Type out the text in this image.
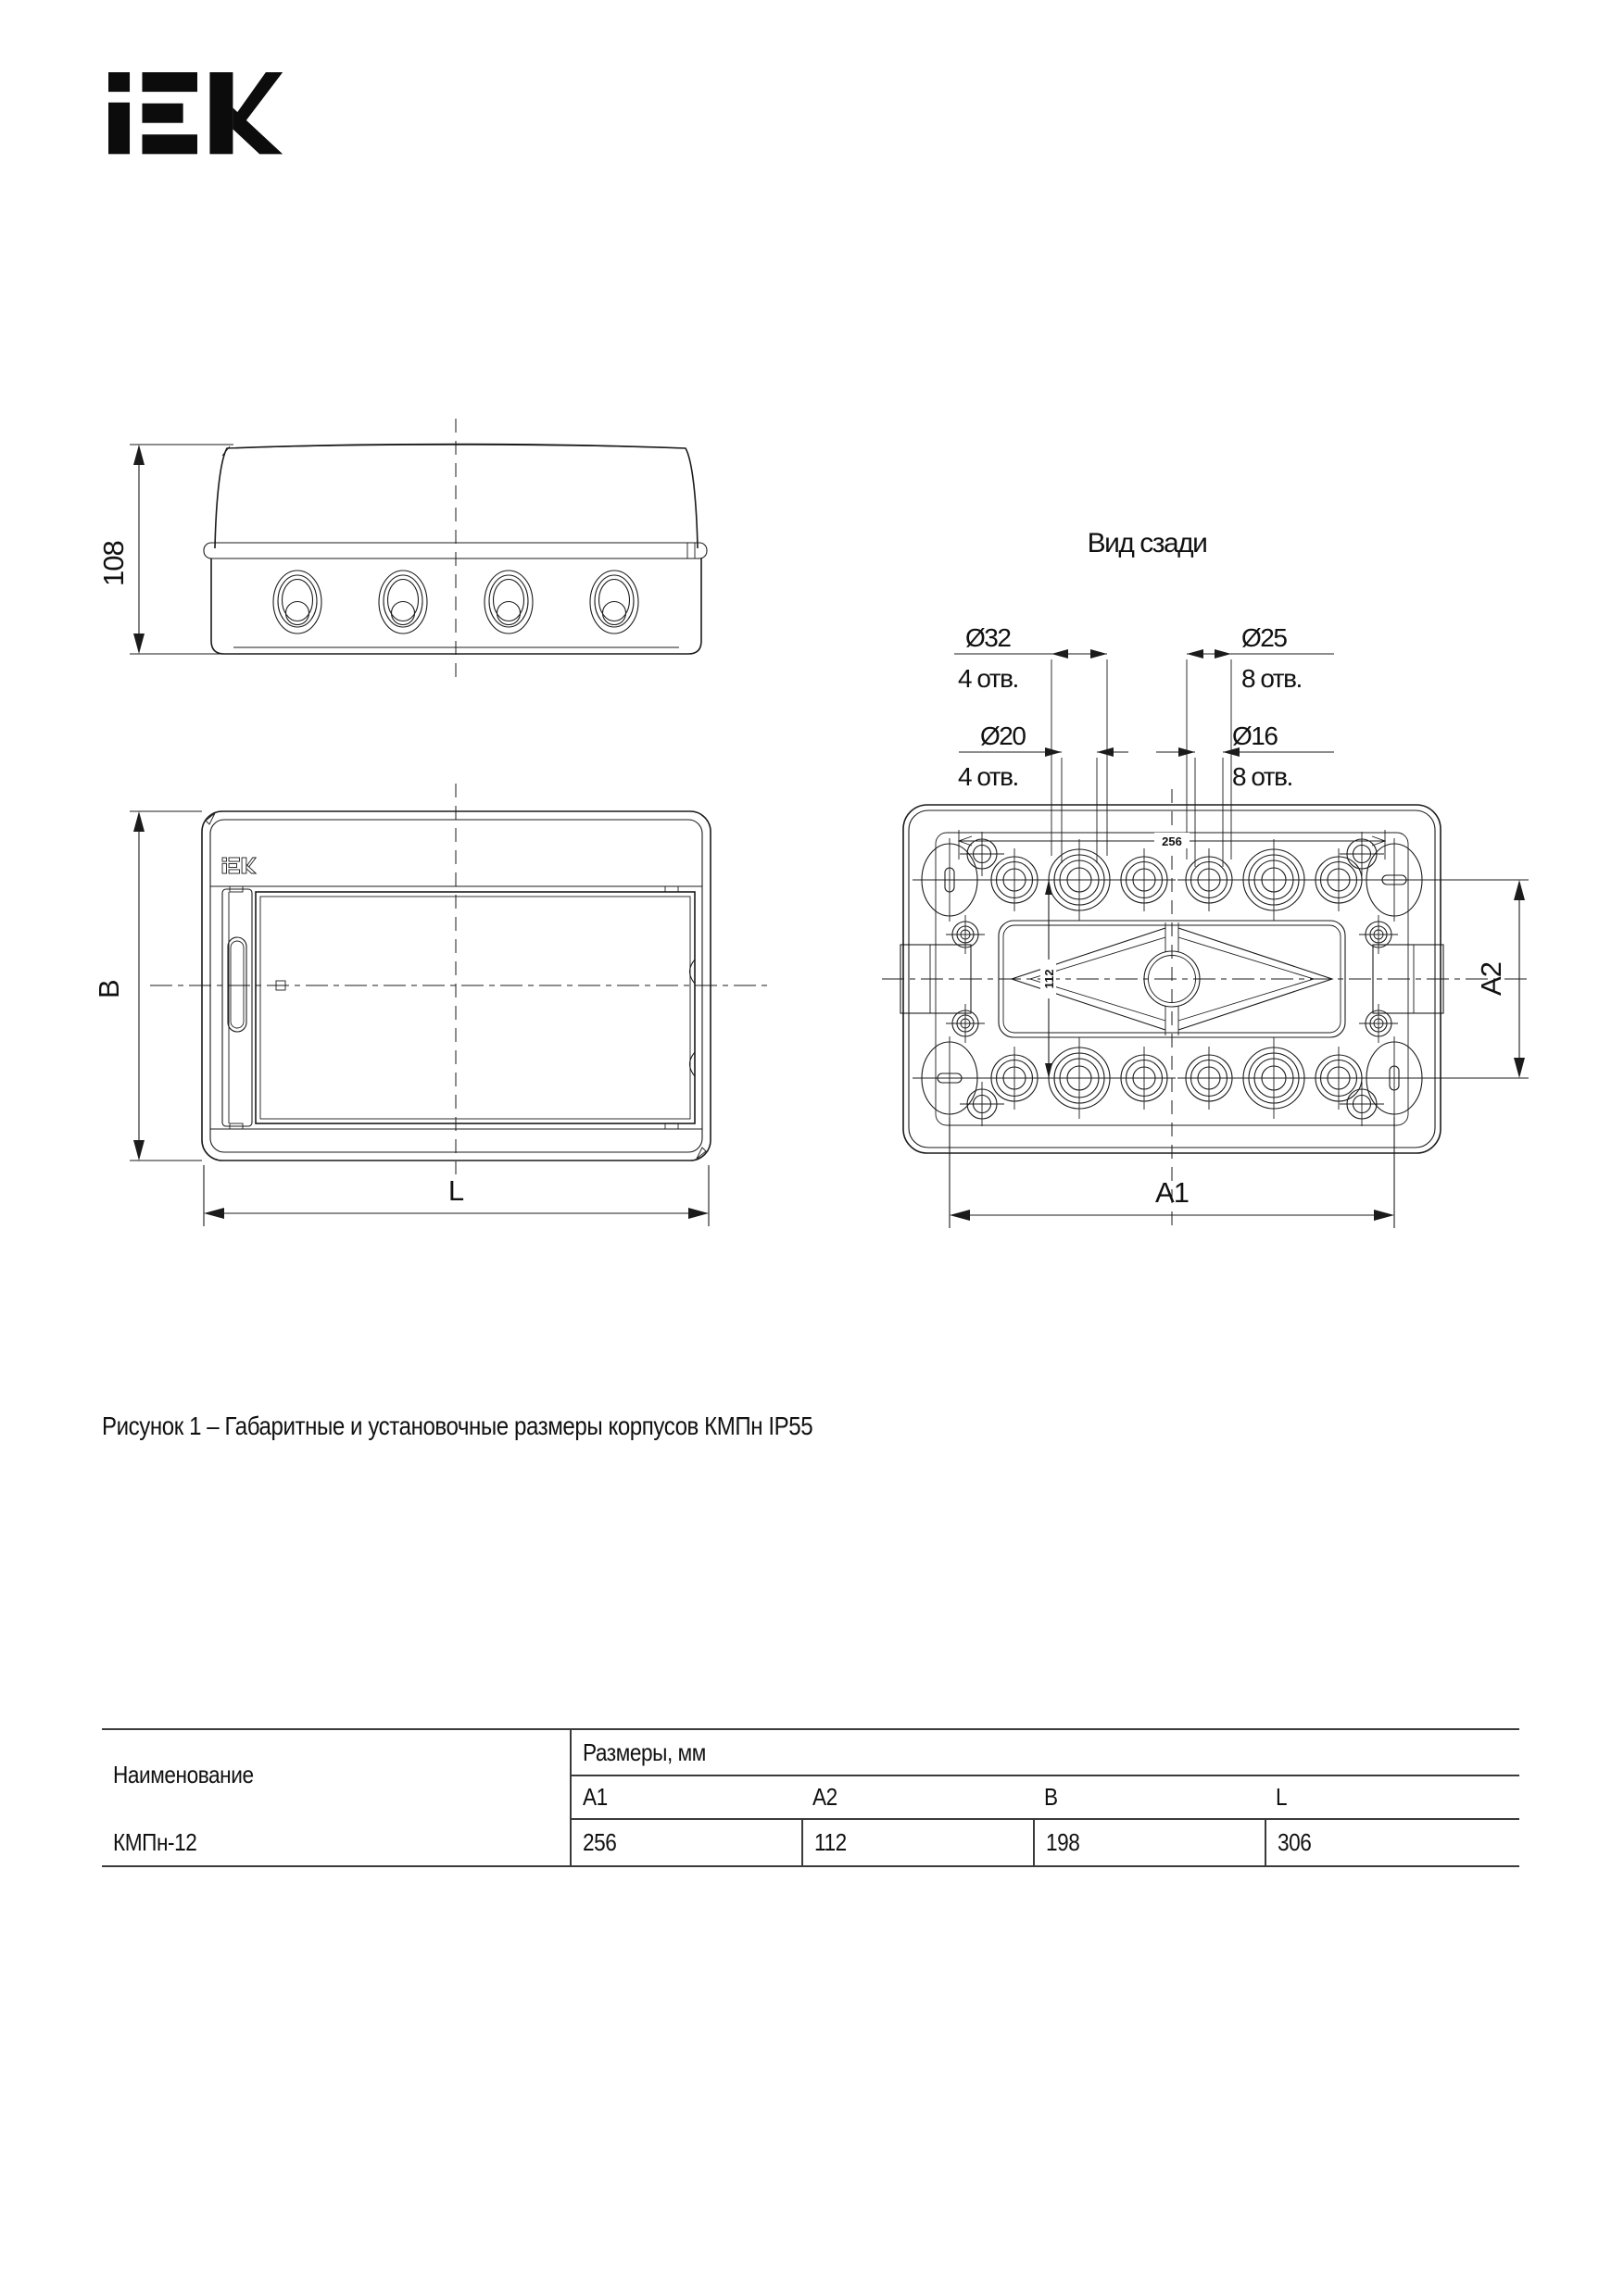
108
B
L
Вид сзади
Ø32
4 отв.
Ø25
8 отв.
Ø20
4 отв.
Ø16
8 отв.
256
112
A1
A2
Рисунок 1 – Габаритные и установочные размеры корпусов КМПн IP55
Наименование
Размеры, мм
A1	A2	B	L
КМПн-12	256	112	198	306
